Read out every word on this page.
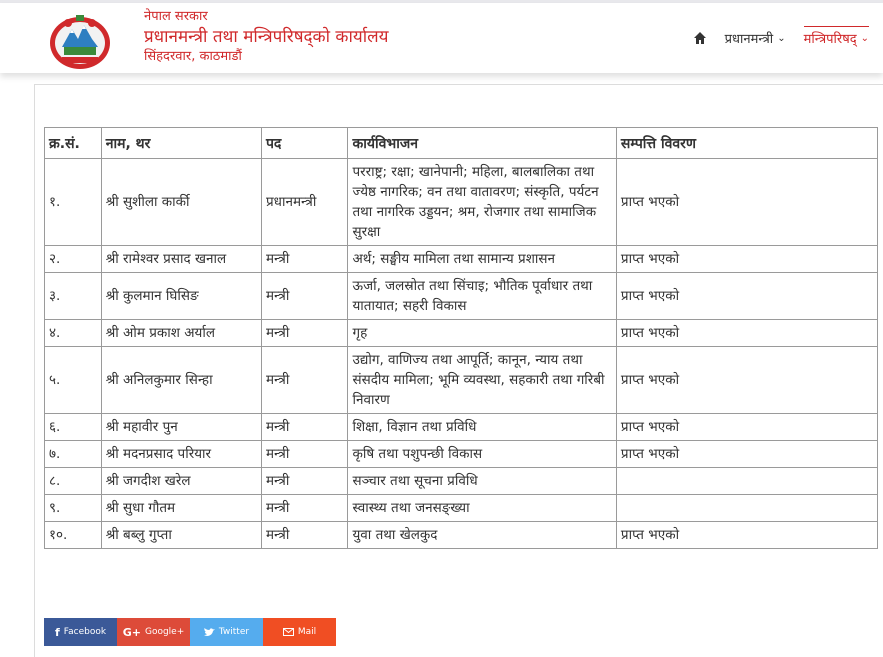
नेपाल सरकार
प्रधानमन्त्री तथा मन्त्रिपरिषद्को कार्यालय
सिंहदरवार, काठमाडौं
प्रधानमन्त्री ⌄ मन्त्रिपरिषद् ⌄
क्र.सं.	नाम, थर	पद	कार्यविभाजन	सम्पत्ति विवरण
१.	श्री सुशीला कार्की	प्रधानमन्त्री	परराष्ट्र; रक्षा; खानेपानी; महिला, बालबालिका तथा ज्येष्ठ नागरिक; वन तथा वातावरण; संस्कृति, पर्यटन तथा नागरिक उड्डयन; श्रम, रोजगार तथा सामाजिक सुरक्षा	प्राप्त भएको
२.	श्री रामेश्वर प्रसाद खनाल	मन्त्री	अर्थ; सङ्घीय मामिला तथा सामान्य प्रशासन	प्राप्त भएको
३.	श्री कुलमान घिसिङ	मन्त्री	ऊर्जा, जलस्रोत तथा सिंचाइ; भौतिक पूर्वाधार तथा यातायात; सहरी विकास	प्राप्त भएको
४.	श्री ओम प्रकाश अर्याल	मन्त्री	गृह	प्राप्त भएको
५.	श्री अनिलकुमार सिन्हा	मन्त्री	उद्योग, वाणिज्य तथा आपूर्ति; कानून, न्याय तथा संसदीय मामिला; भूमि व्यवस्था, सहकारी तथा गरिबी निवारण	प्राप्त भएको
६.	श्री महावीर पुन	मन्त्री	शिक्षा, विज्ञान तथा प्रविधि	प्राप्त भएको
७.	श्री मदनप्रसाद परियार	मन्त्री	कृषि तथा पशुपन्छी विकास	प्राप्त भएको
८.	श्री जगदीश खरेल	मन्त्री	सञ्चार तथा सूचना प्रविधि	
९.	श्री सुधा गौतम	मन्त्री	स्वास्थ्य तथा जनसङ्ख्या	
१०.	श्री बब्लु गुप्ता	मन्त्री	युवा तथा खेलकुद	प्राप्त भएको
f Facebook G+ Google+	Twitter	Mail
